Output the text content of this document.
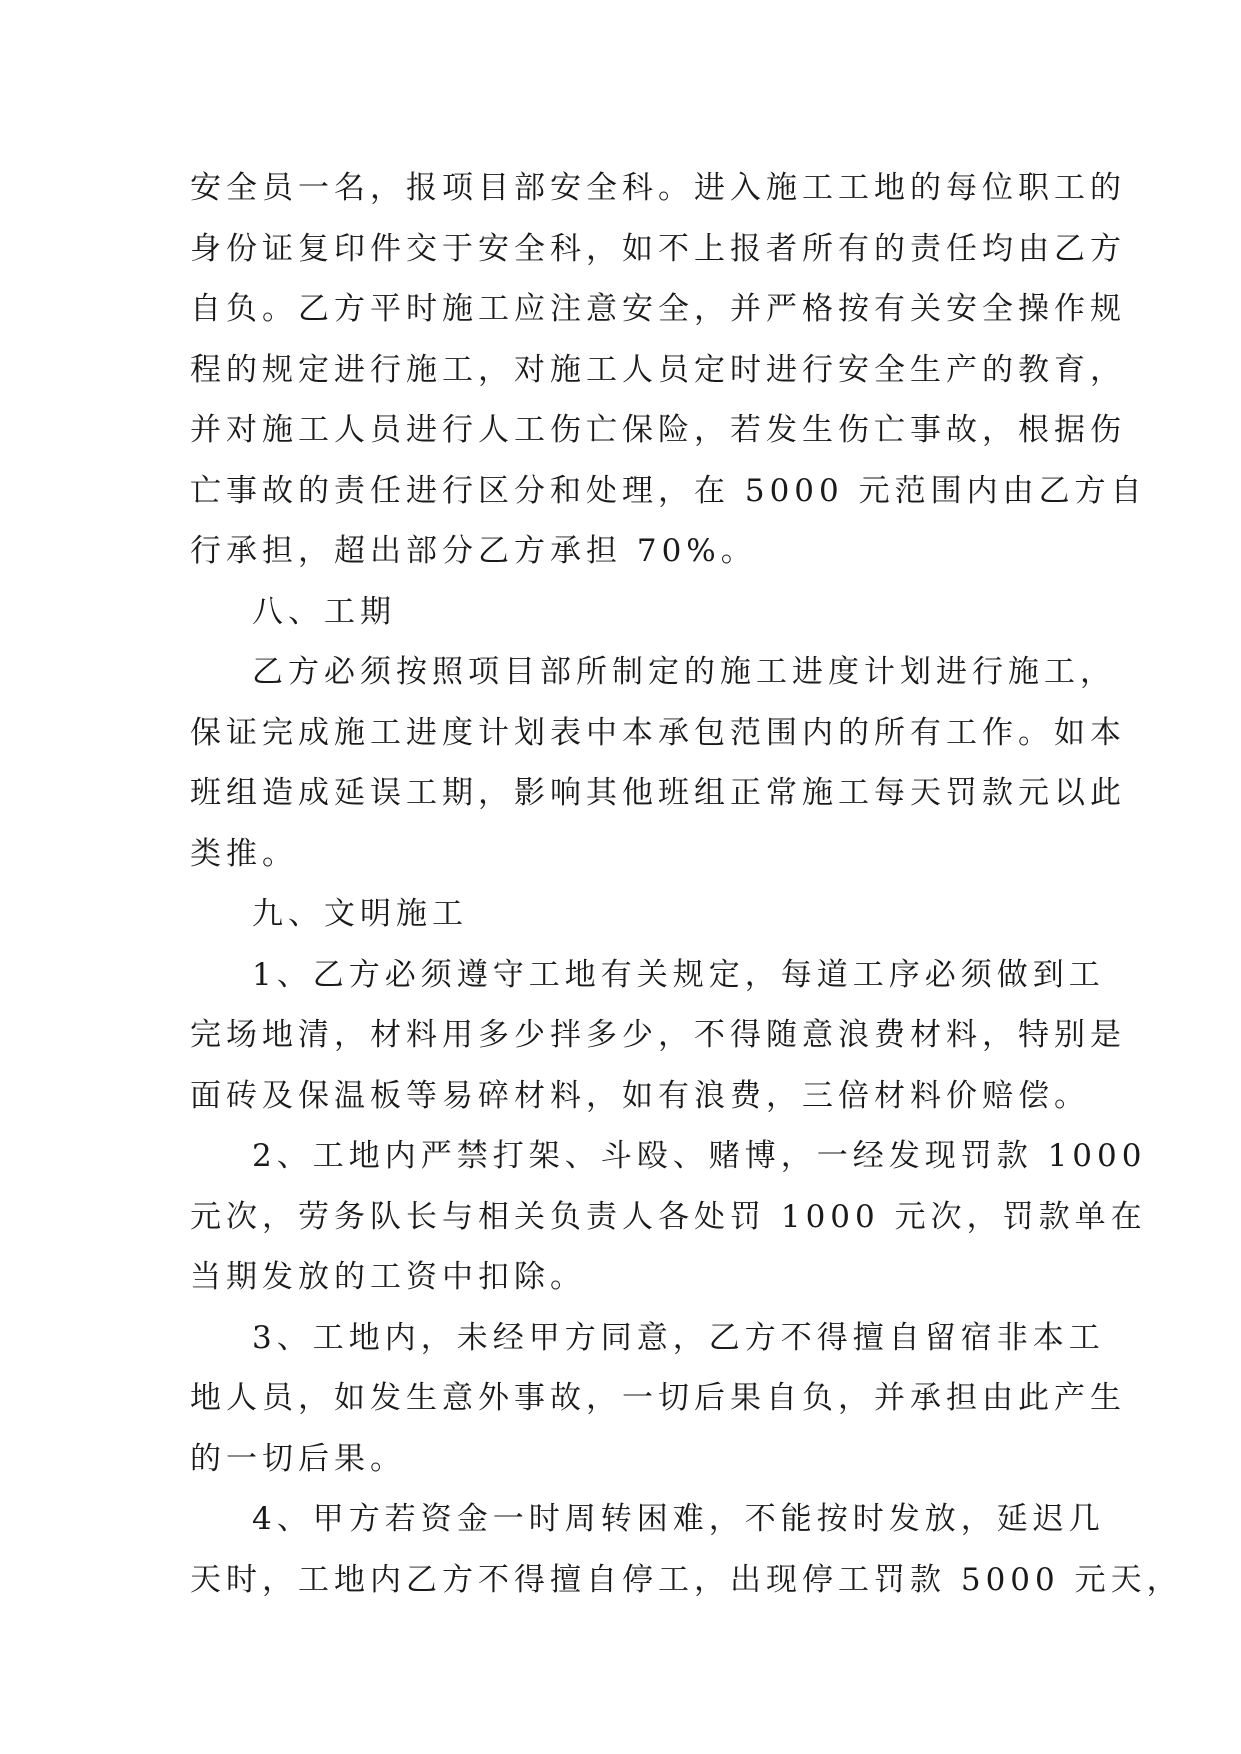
安全员一名，报项目部安全科。进入施工工地的每位职工的
身份证复印件交于安全科，如不上报者所有的责任均由乙方
自负。乙方平时施工应注意安全，并严格按有关安全操作规
程的规定进行施工，对施工人员定时进行安全生产的教育，
并对施工人员进行人工伤亡保险，若发生伤亡事故，根据伤
亡事故的责任进行区分和处理，在 5000 元范围内由乙方自
行承担，超出部分乙方承担 70%。
八、工期
乙方必须按照项目部所制定的施工进度计划进行施工，
保证完成施工进度计划表中本承包范围内的所有工作。如本
班组造成延误工期，影响其他班组正常施工每天罚款元以此
类推。
九、文明施工
1、乙方必须遵守工地有关规定，每道工序必须做到工
完场地清，材料用多少拌多少，不得随意浪费材料，特别是
面砖及保温板等易碎材料，如有浪费，三倍材料价赔偿。
2、工地内严禁打架、斗殴、赌博，一经发现罚款 1000
元次，劳务队长与相关负责人各处罚 1000 元次，罚款单在
当期发放的工资中扣除。
3、工地内，未经甲方同意，乙方不得擅自留宿非本工
地人员，如发生意外事故，一切后果自负，并承担由此产生
的一切后果。
4、甲方若资金一时周转困难，不能按时发放，延迟几
天时，工地内乙方不得擅自停工，出现停工罚款 5000 元天，
